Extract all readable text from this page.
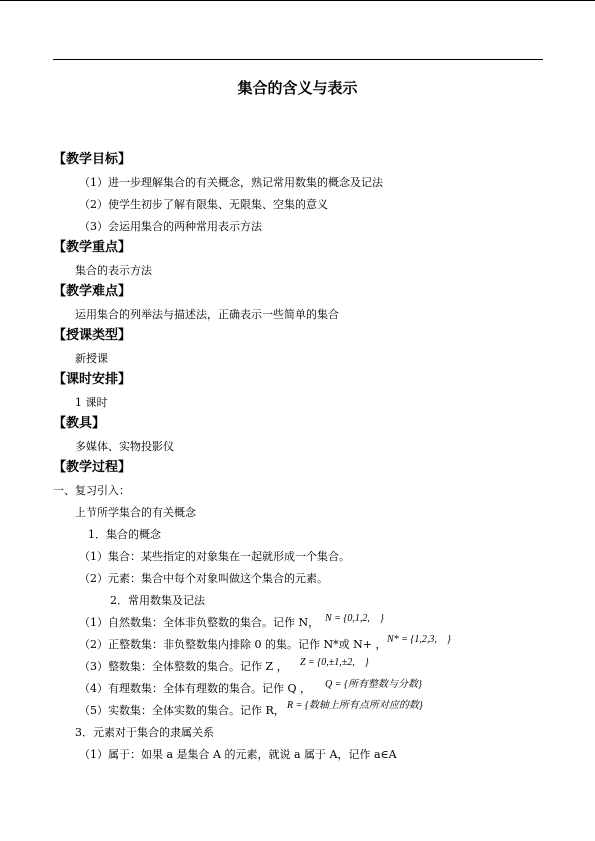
集合的含义与表示
【教学目标】
（1）进一步理解集合的有关概念，熟记常用数集的概念及记法
（2）使学生初步了解有限集、无限集、空集的意义
（3）会运用集合的两种常用表示方法
【教学重点】
集合的表示方法
【教学难点】
运用集合的列举法与描述法，正确表示一些简单的集合
【授课类型】
新授课
【课时安排】
1 课时
【教具】
多媒体、实物投影仪
【教学过程】
一、复习引入：
上节所学集合的有关概念
1．集合的概念
（1）集合：某些指定的对象集在一起就形成一个集合。
（2）元素：集合中每个对象叫做这个集合的元素。
2．常用数集及记法
（1）自然数集：全体非负整数的集合。记作 N， N = {0,1,2,　}
（2）正整数集：非负整数集内排除 0 的集。记作 N*或 N+ ， N* = {1,2,3,　}
（3）整数集：全体整数的集合。记作 Z ， Z = {0,±1,±2,　}
（4）有理数集：全体有理数的集合。记作 Q ， Q = {所有整数与分数}
（5）实数集：全体实数的集合。记作 R， R = {数轴上所有点所对应的数}
3．元素对于集合的隶属关系
（1）属于：如果 a 是集合 A 的元素，就说 a 属于 A，记作 a∈A
